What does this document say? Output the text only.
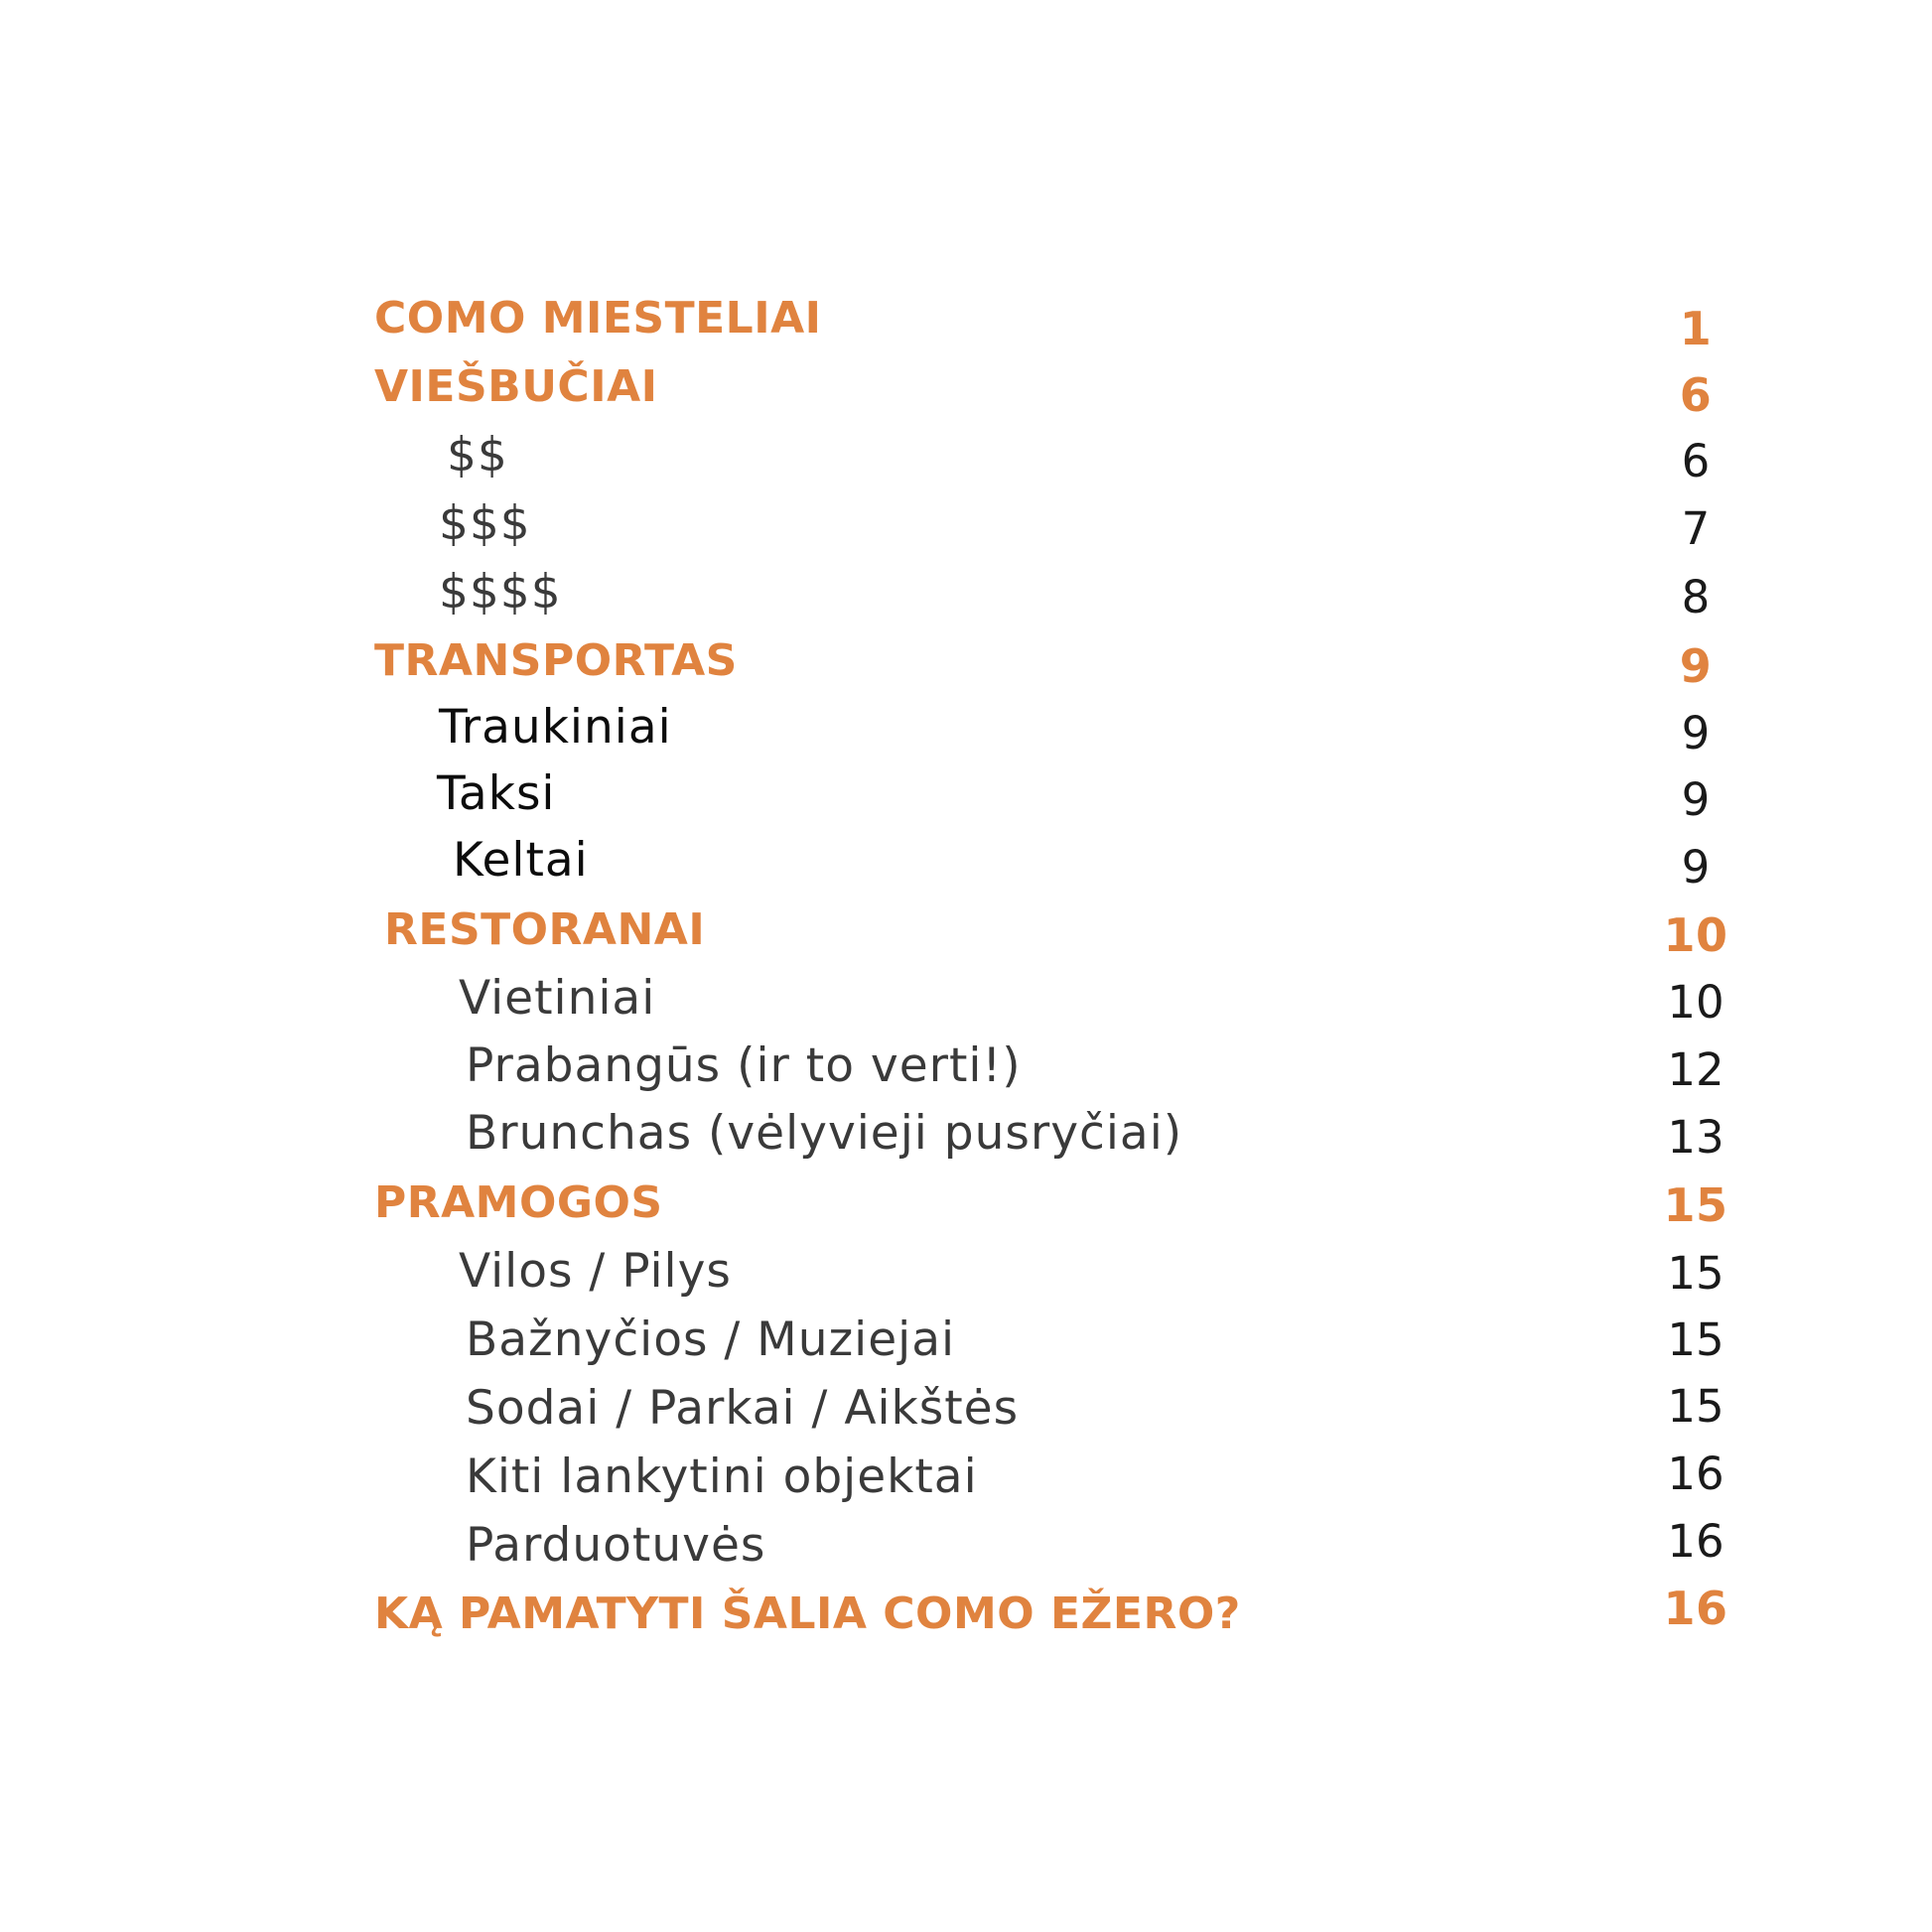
COMO MIESTELIAI	1
VIEŠBUČIAI	6
$$	6
$$$	7
$$$$	8
TRANSPORTAS	9
Traukiniai	9
Taksi	9
Keltai	9
RESTORANAI	10
Vietiniai	10
Prabangūs (ir to verti!)	12
Brunchas (vėlyvieji pusryčiai)	13
PRAMOGOS	15
Vilos / Pilys	15
Bažnyčios / Muziejai	15
Sodai / Parkai / Aikštės	15
Kiti lankytini objektai	16
Parduotuvės	16
KĄ PAMATYTI ŠALIA COMO EŽERO?	16
